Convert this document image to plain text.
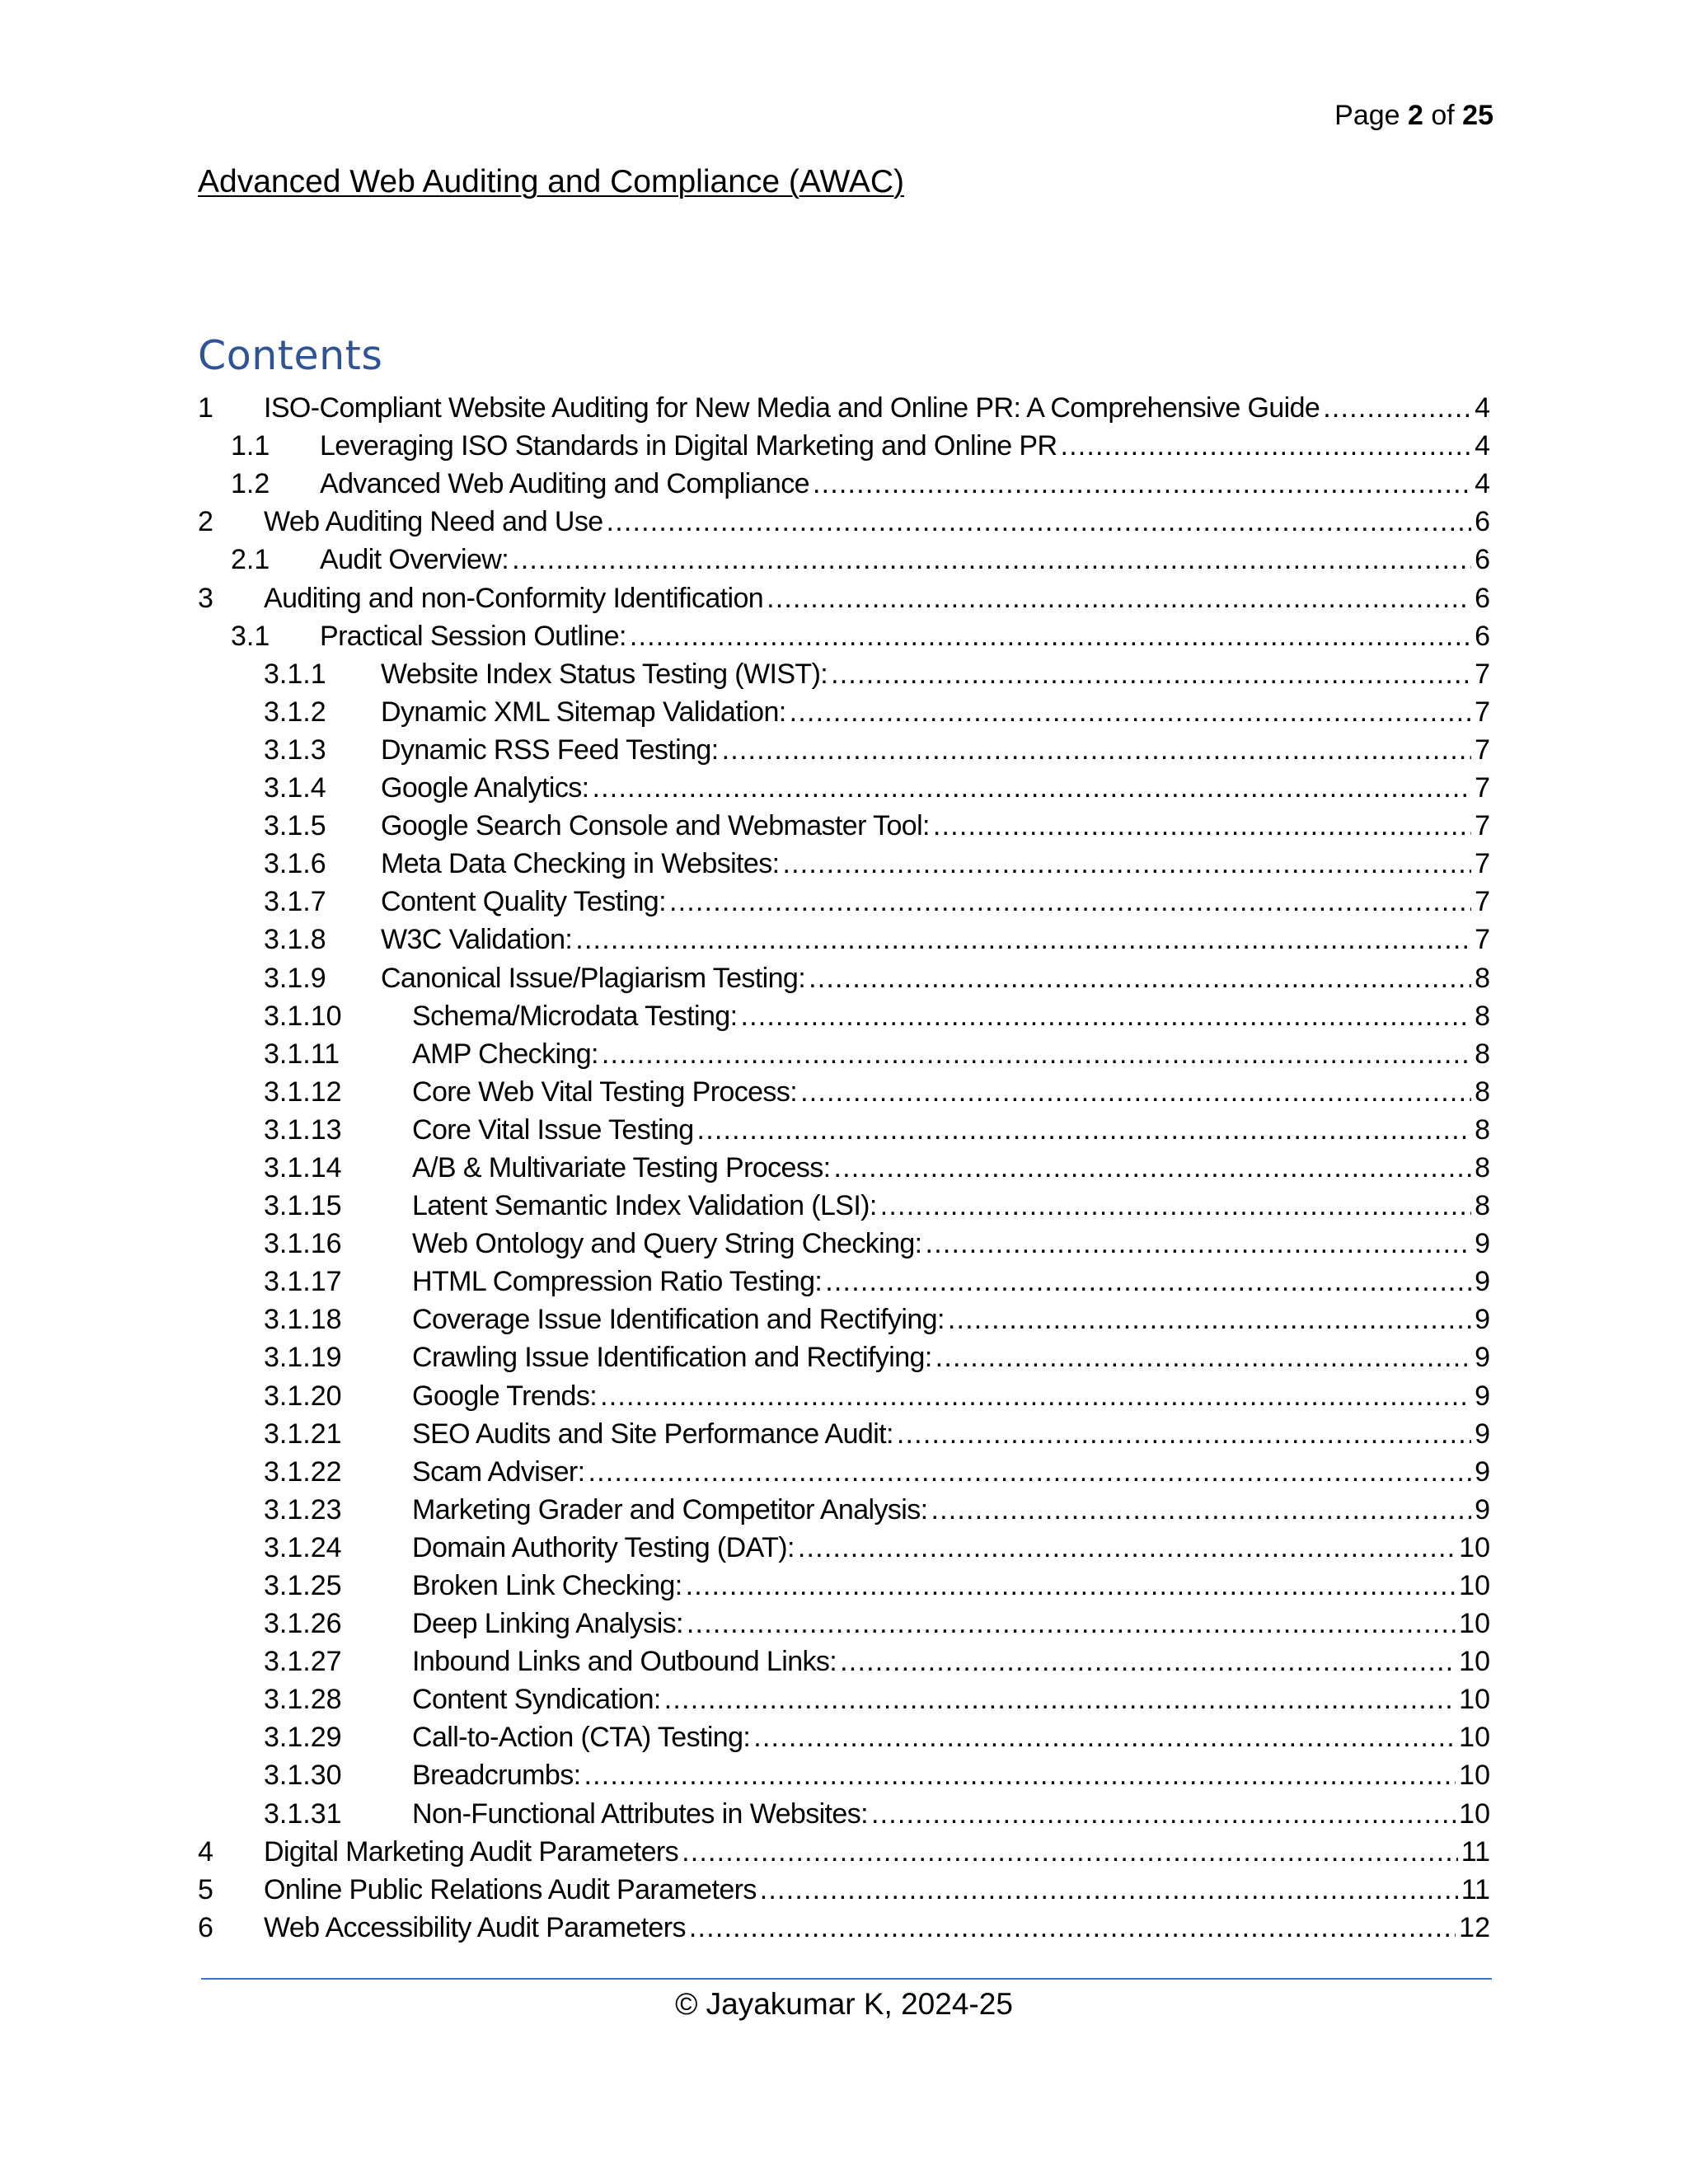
Page 2 of 25
Advanced Web Auditing and Compliance (AWAC)
Contents
1 ISO-Compliant Website Auditing for New Media and Online PR: A Comprehensive Guide .....	4
1.1 Leveraging ISO Standards in Digital Marketing and Online PR .....	4
1.2 Advanced Web Auditing and Compliance .....	4
2 Web Auditing Need and Use .....	6
2.1 Audit Overview: .....	6
3 Auditing and non-Conformity Identification .....	6
3.1 Practical Session Outline: .....	6
3.1.1 Website Index Status Testing (WIST): .....	7
3.1.2 Dynamic XML Sitemap Validation: .....	7
3.1.3 Dynamic RSS Feed Testing: .....	7
3.1.4 Google Analytics: .....	7
3.1.5 Google Search Console and Webmaster Tool: .....	7
3.1.6 Meta Data Checking in Websites: .....	7
3.1.7 Content Quality Testing: .....	7
3.1.8 W3C Validation: .....	7
3.1.9 Canonical Issue/Plagiarism Testing: .....	8
3.1.10	Schema/Microdata Testing: .....	8
3.1.11	AMP Checking: .....	8
3.1.12	Core Web Vital Testing Process: .....	8
3.1.13	Core Vital Issue Testing .....	8
3.1.14	A/B & Multivariate Testing Process: .....	8
3.1.15	Latent Semantic Index Validation (LSI): .....	8
3.1.16	Web Ontology and Query String Checking: .....	9
3.1.17	HTML Compression Ratio Testing: .....	9
3.1.18	Coverage Issue Identification and Rectifying: .....	9
3.1.19	Crawling Issue Identification and Rectifying: .....	9
3.1.20	Google Trends: .....	9
3.1.21	SEO Audits and Site Performance Audit: .....	9
3.1.22	Scam Adviser: .....	9
3.1.23	Marketing Grader and Competitor Analysis: .....	9
3.1.24	Domain Authority Testing (DAT): .....	10
3.1.25	Broken Link Checking: .....	10
3.1.26	Deep Linking Analysis: .....	10
3.1.27	Inbound Links and Outbound Links: .....	10
3.1.28	Content Syndication: .....	10
3.1.29	Call-to-Action (CTA) Testing: .....	10
3.1.30	Breadcrumbs: .....	10
3.1.31	Non-Functional Attributes in Websites: .....	10
4 Digital Marketing Audit Parameters .....	11
5 Online Public Relations Audit Parameters .....	11
6 Web Accessibility Audit Parameters .....	12
© Jayakumar K, 2024-25
